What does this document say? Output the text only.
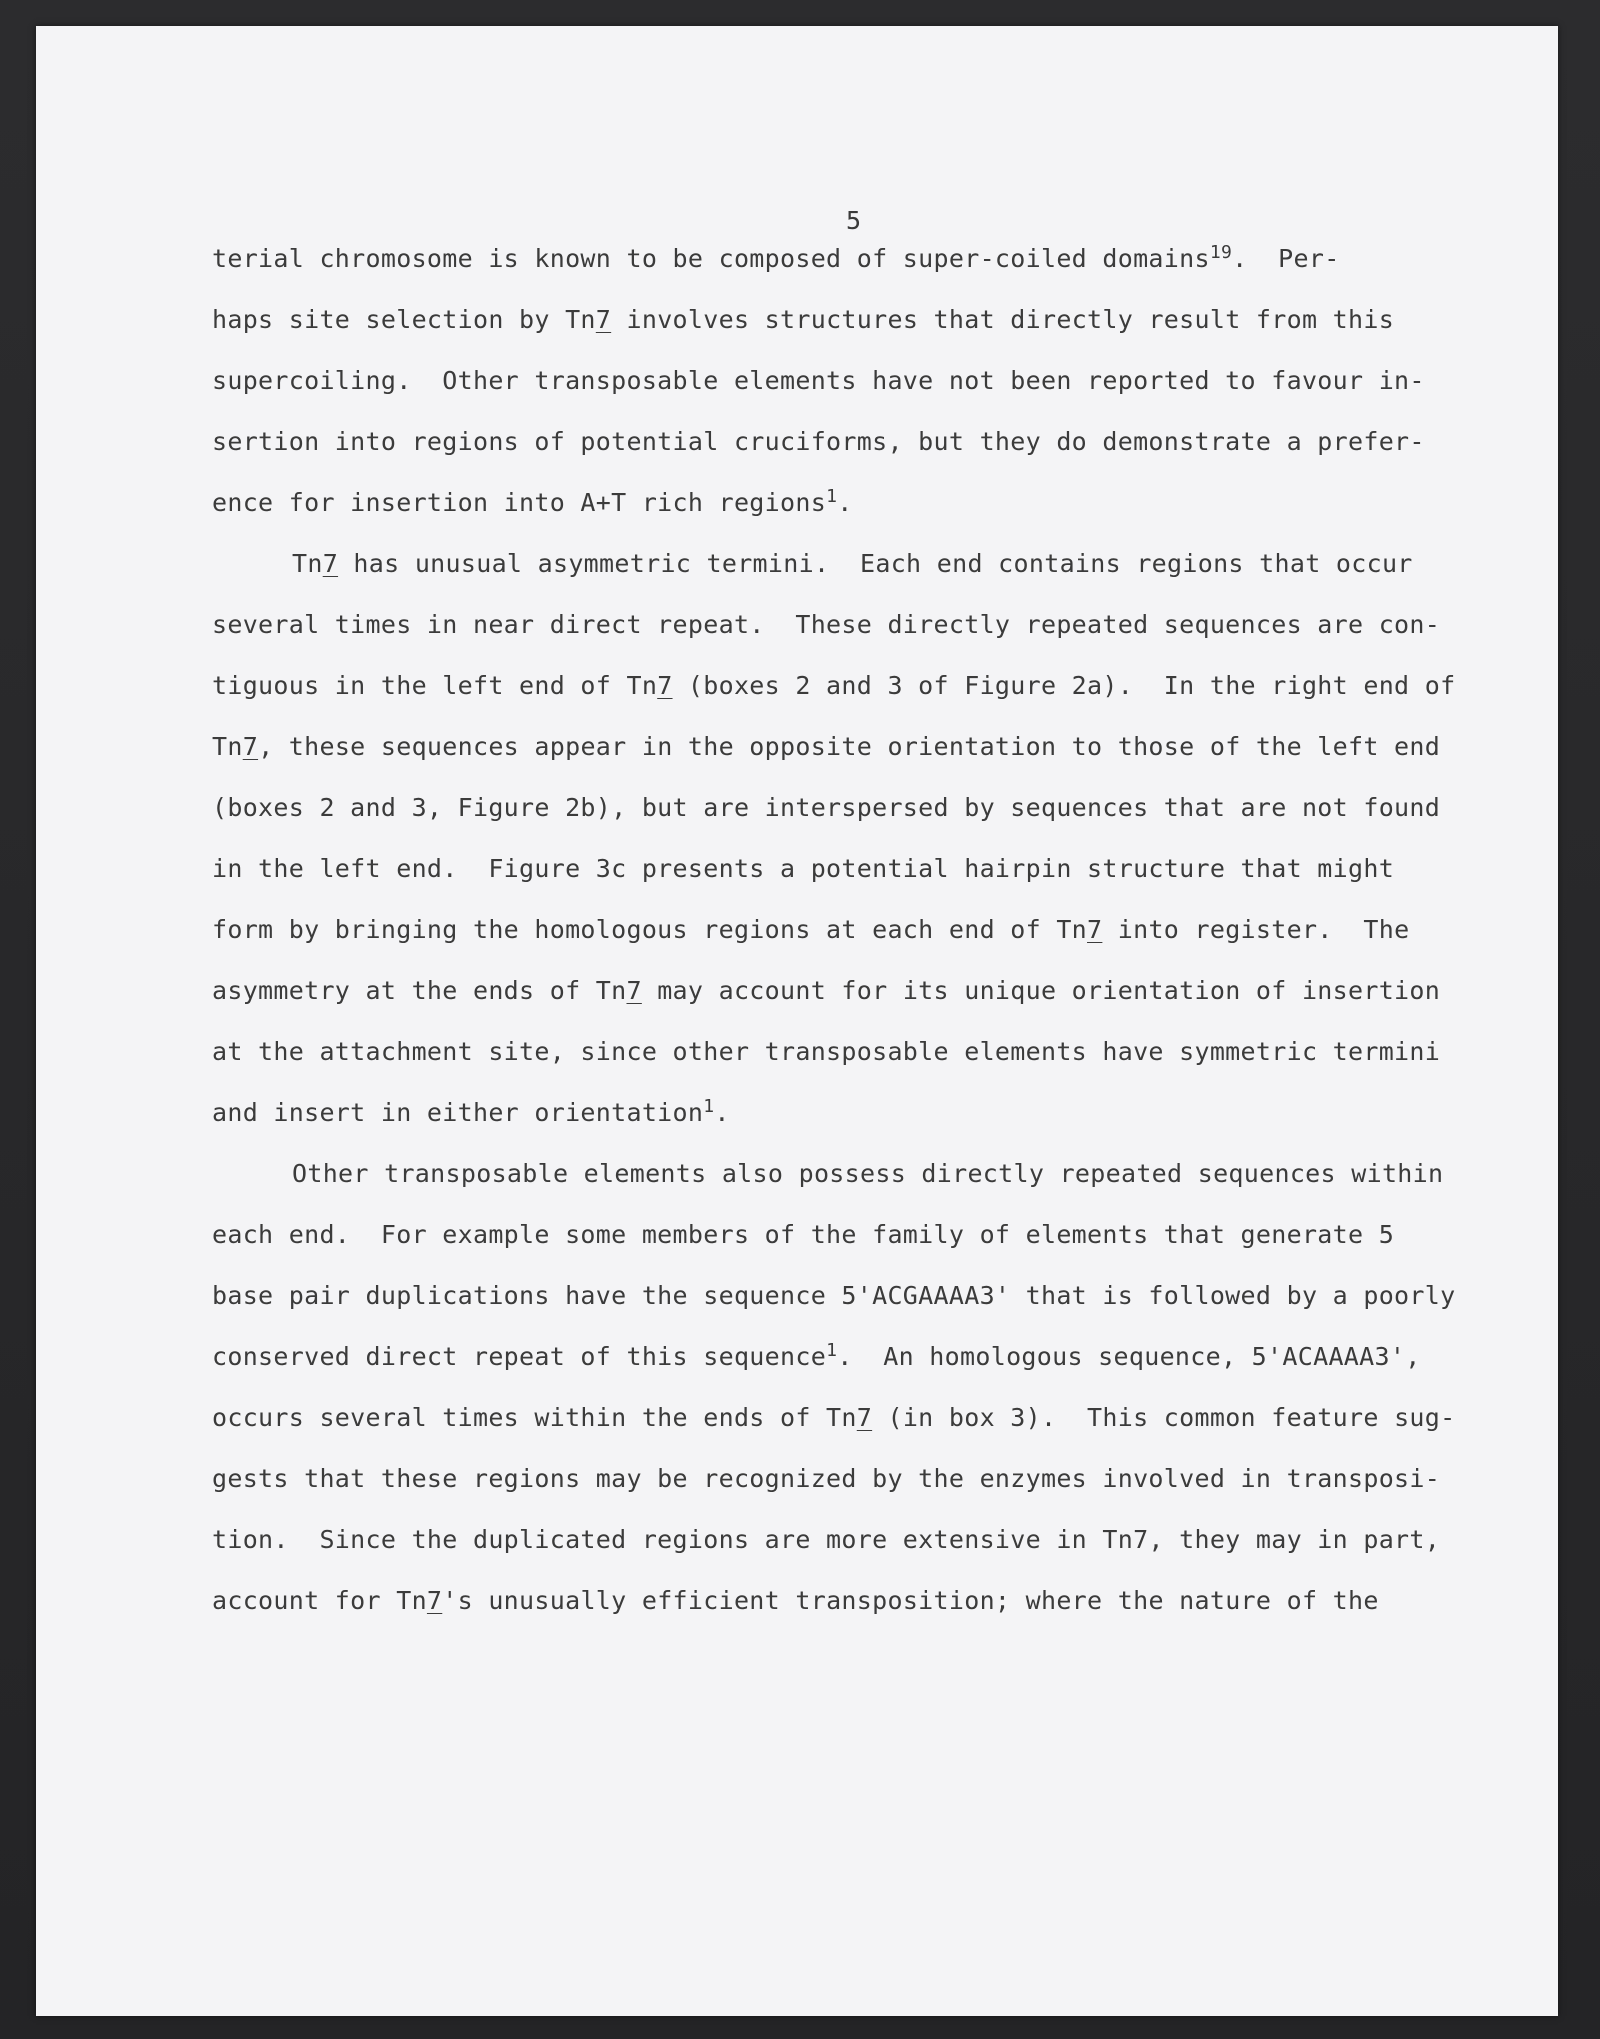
5
terial chromosome is known to be composed of super-coiled domains$^{19}$.  Per-
haps site selection by Tn7 involves structures that directly result from this
supercoiling.  Other transposable elements have not been reported to favour in-
sertion into regions of potential cruciforms, but they do demonstrate a prefer-
ence for insertion into A+T rich regions$^1$.
Tn7 has unusual asymmetric termini.  Each end contains regions that occur
several times in near direct repeat.  These directly repeated sequences are con-
tiguous in the left end of Tn7 (boxes 2 and 3 of Figure 2a).  In the right end of
Tn7, these sequences appear in the opposite orientation to those of the left end
(boxes 2 and 3, Figure 2b), but are interspersed by sequences that are not found
in the left end.  Figure 3c presents a potential hairpin structure that might
form by bringing the homologous regions at each end of Tn7 into register.  The
asymmetry at the ends of Tn7 may account for its unique orientation of insertion
at the attachment site, since other transposable elements have symmetric termini
and insert in either orientation$^1$.
Other transposable elements also possess directly repeated sequences within
each end.  For example some members of the family of elements that generate 5
base pair duplications have the sequence 5'ACGAAAA3' that is followed by a poorly
conserved direct repeat of this sequence$^1$.  An homologous sequence, 5'ACAAAA3',
occurs several times within the ends of Tn7 (in box 3).  This common feature sug-
gests that these regions may be recognized by the enzymes involved in transposi-
tion.  Since the duplicated regions are more extensive in Tn7, they may in part,
account for Tn7's unusually efficient transposition; where the nature of the
